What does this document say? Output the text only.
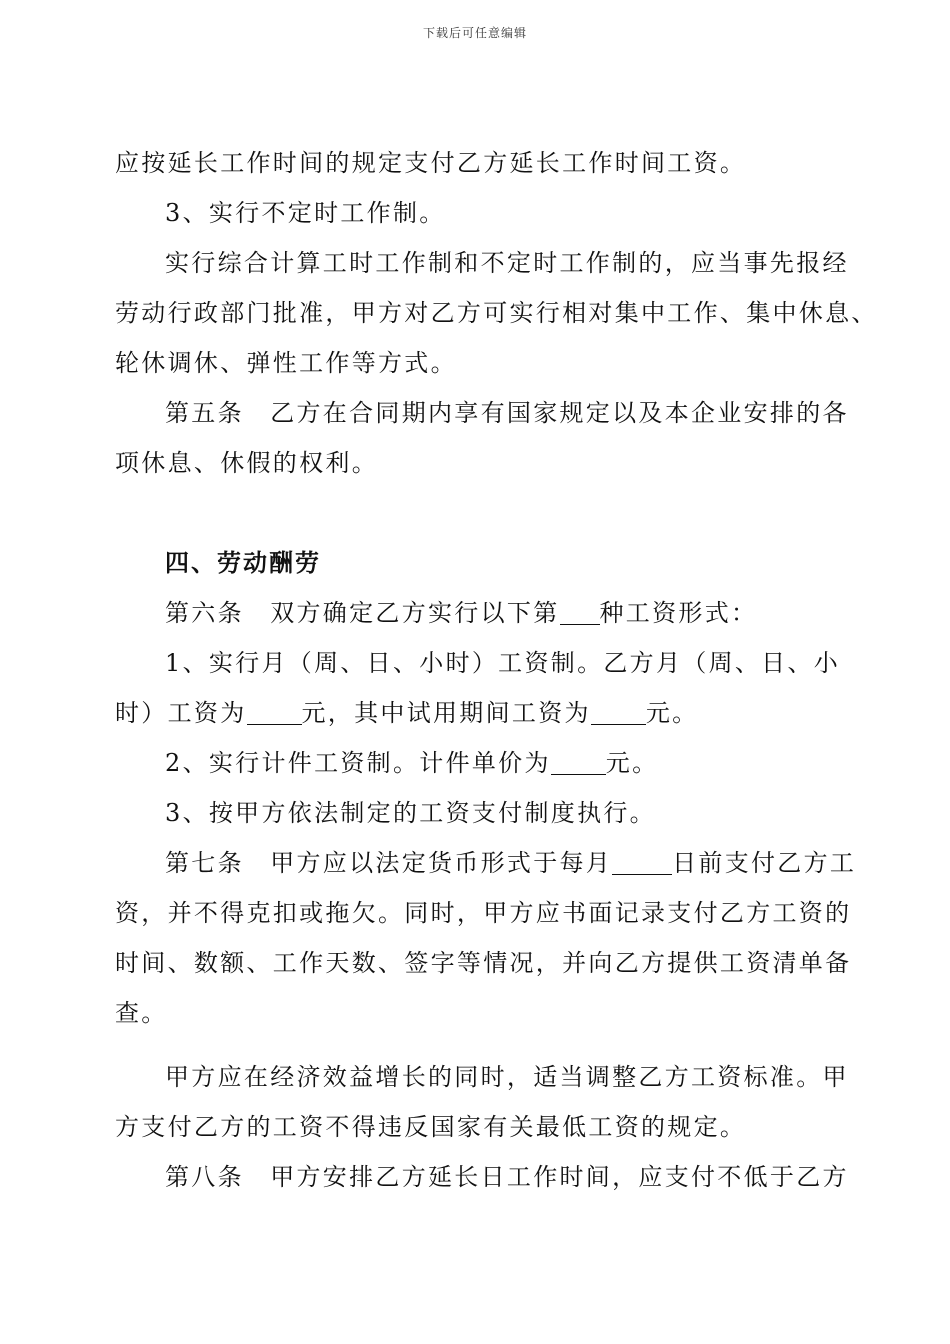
下载后可任意编辑
应按延长工作时间的规定支付乙方延长工作时间工资。
3、实行不定时工作制。
实行综合计算工时工作制和不定时工作制的，应当事先报经
劳动行政部门批准，甲方对乙方可实行相对集中工作、集中休息、
轮休调休、弹性工作等方式。
第五条　乙方在合同期内享有国家规定以及本企业安排的各
项休息、休假的权利。
四、劳动酬劳
第六条　双方确定乙方实行以下第 种工资形式：
1、实行月（周、日、小时）工资制。乙方月（周、日、小
时）工资为 元，其中试用期间工资为 元。
2、实行计件工资制。计件单价为 元。
3、按甲方依法制定的工资支付制度执行。
第七条　甲方应以法定货币形式于每月	日前支付乙方工
资，并不得克扣或拖欠。同时，甲方应书面记录支付乙方工资的
时间、数额、工作天数、签字等情况，并向乙方提供工资清单备
查。
甲方应在经济效益增长的同时，适当调整乙方工资标准。甲
方支付乙方的工资不得违反国家有关最低工资的规定。
第八条　甲方安排乙方延长日工作时间，应支付不低于乙方
